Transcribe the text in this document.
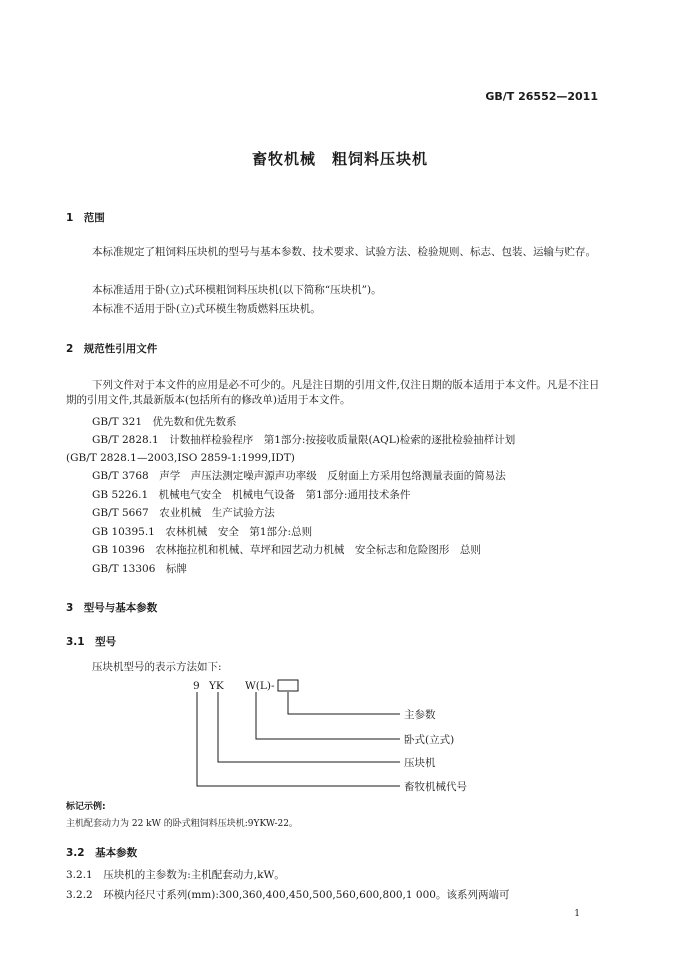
GB/T 26552—2011
畜牧机械　粗饲料压块机
1　范围
本标准规定了粗饲料压块机的型号与基本参数、技术要求、试验方法、检验规则、标志、包装、运输与贮存。
本标准适用于卧(立)式环模粗饲料压块机(以下简称“压块机”)。
本标准不适用于卧(立)式环模生物质燃料压块机。
2　规范性引用文件
下列文件对于本文件的应用是必不可少的。凡是注日期的引用文件,仅注日期的版本适用于本文件。凡是不注日期的引用文件,其最新版本(包括所有的修改单)适用于本文件。
GB/T 321　优先数和优先数系
GB/T 2828.1　计数抽样检验程序　第1部分:按接收质量限(AQL)检索的逐批检验抽样计划
(GB/T 2828.1—2003,ISO 2859-1:1999,IDT)
GB/T 3768　声学　声压法测定噪声源声功率级　反射面上方采用包络测量表面的简易法
GB 5226.1　机械电气安全　机械电气设备　第1部分:通用技术条件
GB/T 5667　农业机械　生产试验方法
GB 10395.1　农林机械　安全　第1部分:总则
GB 10396　农林拖拉机和机械、草坪和园艺动力机械　安全标志和危险图形　总则
GB/T 13306　标牌
3　型号与基本参数
3.1　型号
压块机型号的表示方法如下:
9 YK W(L)-
主参数
卧式(立式)
压块机
畜牧机械代号
标记示例:
主机配套动力为 22 kW 的卧式粗饲料压块机:9YKW-22。
3.2　基本参数
3.2.1　压块机的主参数为:主机配套动力,kW。
3.2.2　环模内径尺寸系列(mm):300,360,400,450,500,560,600,800,1 000。该系列两端可
1
